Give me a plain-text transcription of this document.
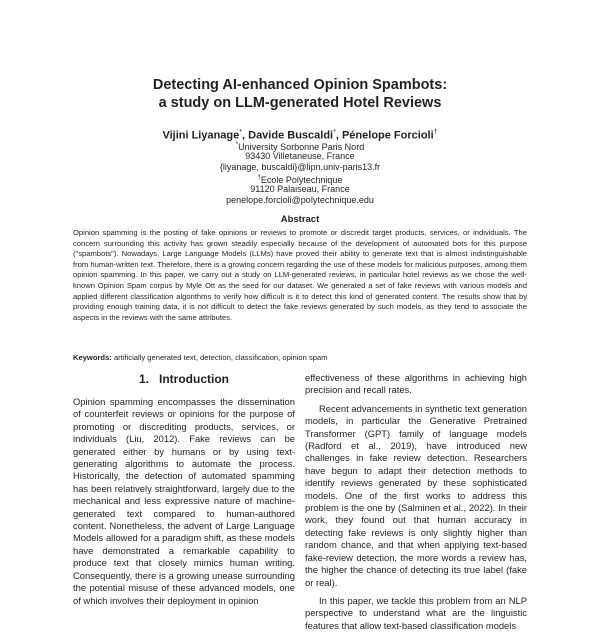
Detecting AI-enhanced Opinion Spambots:
a study on LLM-generated Hotel Reviews
Vijini Liyanage*, Davide Buscaldi*, Pénelope Forcioli†
*University Sorbonne Paris Nord
93430 Villetaneuse, France
{liyanage, buscaldi}@lipn.univ-paris13.fr
†Ecole Polytechnique
91120 Palaiseau, France
penelope.forcioli@polytechnique.edu
Abstract

Opinion spamming is the posting of fake opinions or reviews to promote or discredit target products, services, or individuals. The concern surrounding this activity has grown steadily especially because of the development of automated bots for this purpose ("spambots"). Nowadays, Large Language Models (LLMs) have proved their ability to generate text that is almost indistinguishable from human-written text. Therefore, there is a growing concern regarding the use of these models for malicious purposes, among them opinion spamming. In this paper, we carry out a study on LLM-generated reviews, in particular hotel reviews as we chose the well-known Opinion Spam corpus by Myle Ott as the seed for our dataset. We generated a set of fake reviews with various models and applied different classification algorithms to verify how difficult is it to detect this kind of generated content. The results show that by providing enough training data, it is not difficult to detect the fake reviews generated by such models, as they tend to associate the aspects in the reviews with the same attributes.

Keywords: artificially generated text, detection, classification, opinion spam

1. Introduction

Opinion spamming encompasses the dissemination of counterfeit reviews or opinions for the purpose of promoting or discrediting products, services, or individuals (Liu, 2012). Fake reviews can be generated either by humans or by using text-generating algorithms to automate the process. Historically, the detection of automated spamming has been relatively straightforward, largely due to the mechanical and less expressive nature of machine-generated text compared to human-authored content. Nonetheless, the advent of Large Language Models allowed for a paradigm shift, as these models have demonstrated a remarkable capability to produce text that closely mimics human writing. Consequently, there is a growing unease surrounding the potential misuse of these advanced models, one of which involves their deployment in opinion

effectiveness of these algorithms in achieving high precision and recall rates.

Recent advancements in synthetic text generation models, in particular the Generative Pretrained Transformer (GPT) family of language models (Radford et al., 2019), have introduced new challenges in fake review detection. Researchers have begun to adapt their detection methods to identify reviews generated by these sophisticated models. One of the first works to address this problem is the one by (Salminen et al., 2022). In their work, they found out that human accuracy in detecting fake reviews is only slightly higher than random chance, and that when applying text-based fake-review detection, the more words a review has, the higher the chance of detecting its true label (fake or real).

In this paper, we tackle this problem from an NLP perspective to understand what are the linguistic features that allow text-based classification models
